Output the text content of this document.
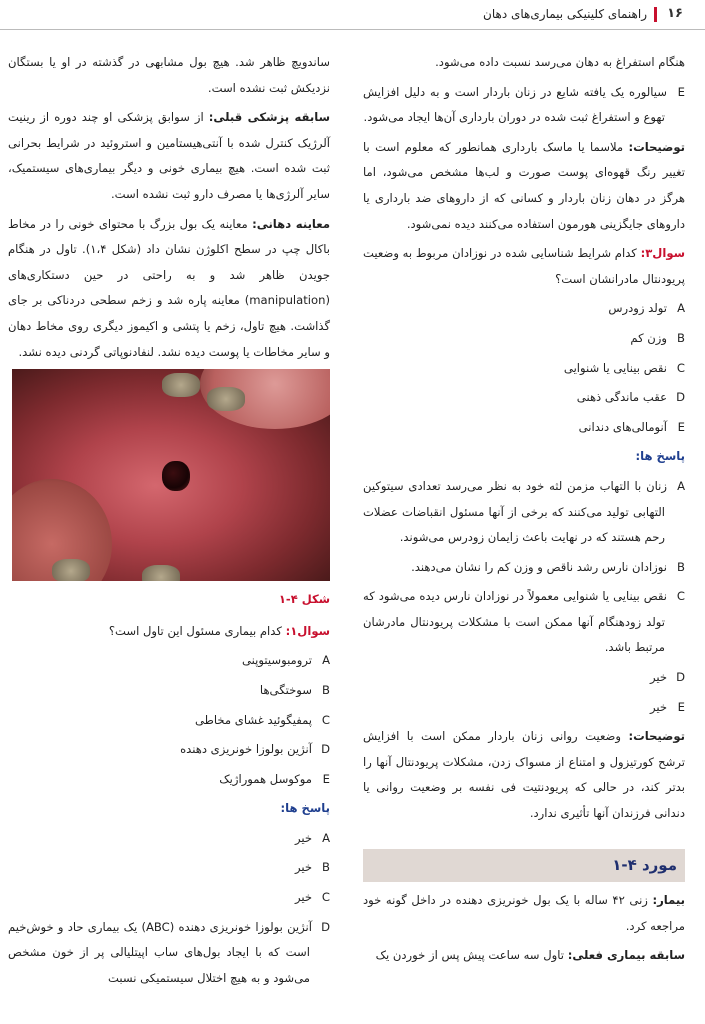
۱۶
راهنمای کلینیکی بیماری‌های دهان

هنگام استفراغ به دهان می‌رسد نسبت داده می‌شود.

Eسیالوره یک یافته شایع در زنان باردار است و به دلیل افزایش تهوع و استفراغ ثبت شده در دوران بارداری آن‌ها ایجاد می‌شود.

توضیحات: ملاسما یا ماسک بارداری همانطور که معلوم است با تغییر رنگ قهوه‌ای پوست صورت و لب‌ها مشخص می‌شود، اما هرگز در دهان زنان باردار و کسانی که از داروهای ضد بارداری یا داروهای جایگزینی هورمون استفاده می‌کنند دیده نمی‌شود.

سوال۳: کدام شرایط شناسایی شده در نوزادان مربوط به وضعیت پریودنتال مادرانشان است؟

Aتولد زودرس

Bوزن کم

Cنقص بینایی یا شنوایی

Dعقب ماندگی ذهنی

Eآنومالی‌های دندانی

پاسخ ها:

Aزنان با التهاب مزمن لثه خود به نظر می‌رسد تعدادی سیتوکین التهابی تولید می‌کنند که برخی از آنها مسئول انقباضات عضلات رحم هستند که در نهایت باعث زایمان زودرس می‌شوند.

Bنوزادان نارس رشد ناقص و وزن کم را نشان می‌دهند.

Cنقص بینایی یا شنوایی معمولاً در نوزادان نارس دیده می‌شود که تولد زودهنگام آنها ممکن است با مشکلات پریودنتال مادرشان مرتبط باشد.

Dخیر

Eخیر

توضیحات: وضعیت روانی زنان باردار ممکن است با افزایش ترشح کورتیزول و امتناع از مسواک زدن، مشکلات پریودنتال آنها را بدتر کند، در حالی که پریودنتیت فی نفسه بر وضعیت روانی یا دندانی فرزندان آنها تأثیری ندارد.

مورد ۴-۱

بیمار: زنی ۴۲ ساله با یک بول خونریزی دهنده در داخل گونه خود مراجعه کرد.

سابقه بیماری فعلی: تاول سه ساعت پیش پس از خوردن یک

ساندویچ ظاهر شد. هیچ بول مشابهی در گذشته در او یا بستگان نزدیکش ثبت نشده است.

سابقه پزشکی قبلی: از سوابق پزشکی او چند دوره از رینیت آلرژیک کنترل شده با آنتی‌هیستامین و استروئید در شرایط بحرانی ثبت شده است. هیچ بیماری خونی و دیگر بیماری‌های سیستمیک، سایر آلرژی‌ها یا مصرف دارو ثبت نشده است.

معاینه دهانی: معاینه یک بول بزرگ با محتوای خونی را در مخاط باکال چپ در سطح اکلوژن نشان داد (شکل ۱،۴). تاول در هنگام جویدن ظاهر شد و به راحتی در حین دستکاری‌های (manipulation) معاینه پاره شد و زخم سطحی دردناکی بر جای گذاشت. هیچ تاول، زخم یا پتشی و اکیموز دیگری روی مخاط دهان و سایر مخاطات یا پوست دیده نشد. لنفادنوپاتی گردنی دیده نشد.

شکل ۴-۱

سوال۱: کدام بیماری مسئول این تاول است؟

Aترومبوسیتوپنی

Bسوختگی‌ها

Cپمفیگوئید غشای مخاطی

Dآنژین بولوزا خونریزی دهنده

Eموکوسل هموراژیک

پاسخ ها:

Aخیر

Bخیر

Cخیر

Dآنژین بولوزا خونریزی دهنده (ABC) یک بیماری حاد و خوش‌خیم است که با ایجاد بول‌های ساب اپیتلیالی پر از خون مشخص می‌شود و به هیچ اختلال سیستمیکی نسبت
